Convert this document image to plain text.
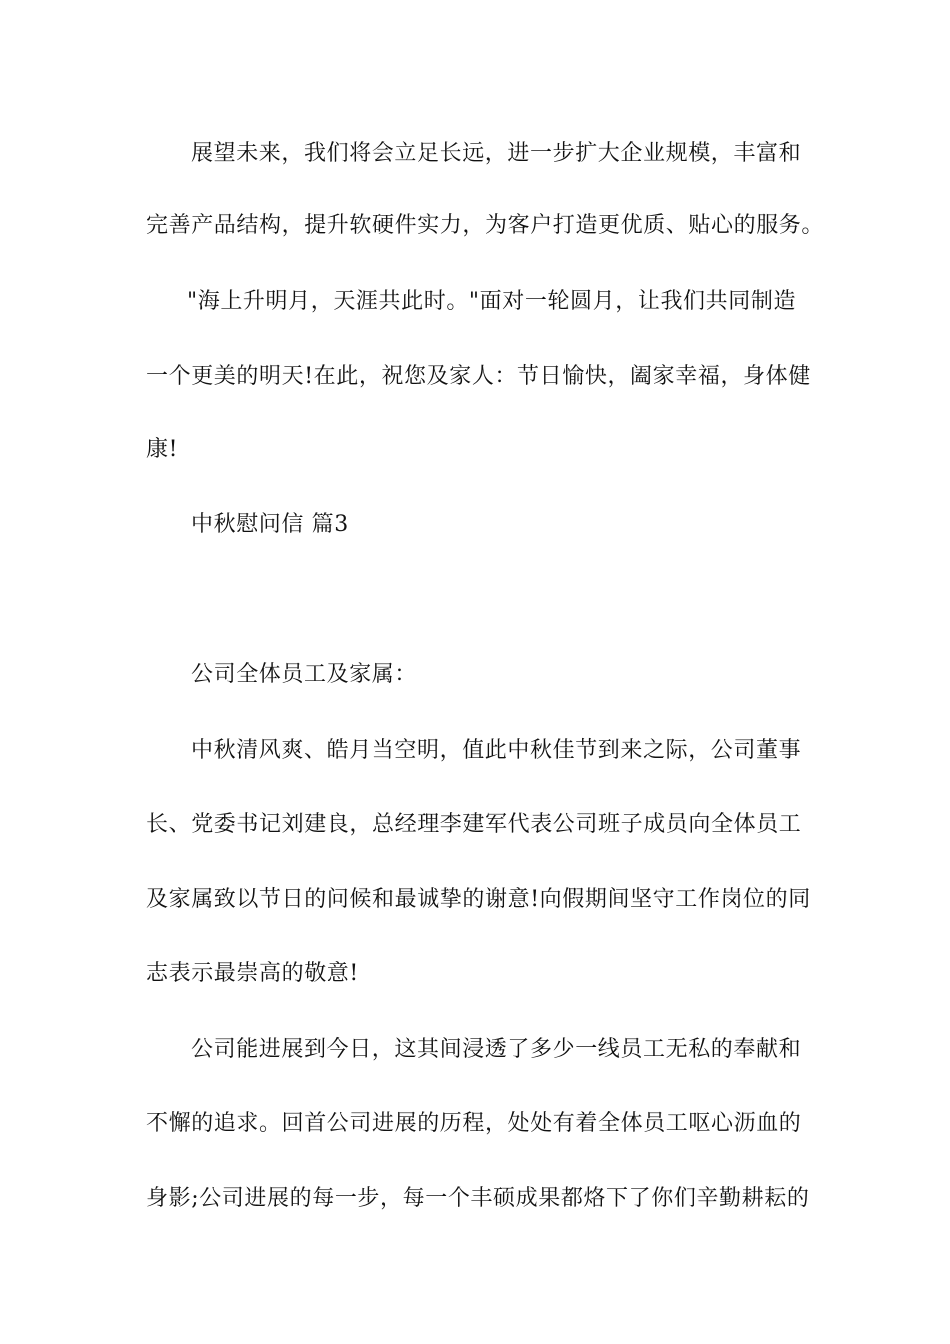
展望未来，我们将会立足长远，进一步扩大企业规模，丰富和
完善产品结构，提升软硬件实力，为客户打造更优质、贴心的服务。
"海上升明月，天涯共此时。"面对一轮圆月，让我们共同制造
一个更美的明天!在此，祝您及家人：节日愉快，阖家幸福，身体健
康!
中秋慰问信 篇3
公司全体员工及家属：
中秋清风爽、皓月当空明，值此中秋佳节到来之际，公司董事
长、党委书记刘建良，总经理李建军代表公司班子成员向全体员工
及家属致以节日的问候和最诚挚的谢意!向假期间坚守工作岗位的同
志表示最崇高的敬意!
公司能进展到今日，这其间浸透了多少一线员工无私的奉献和
不懈的追求。回首公司进展的历程，处处有着全体员工呕心沥血的
身影;公司进展的每一步，每一个丰硕成果都烙下了你们辛勤耕耘的
